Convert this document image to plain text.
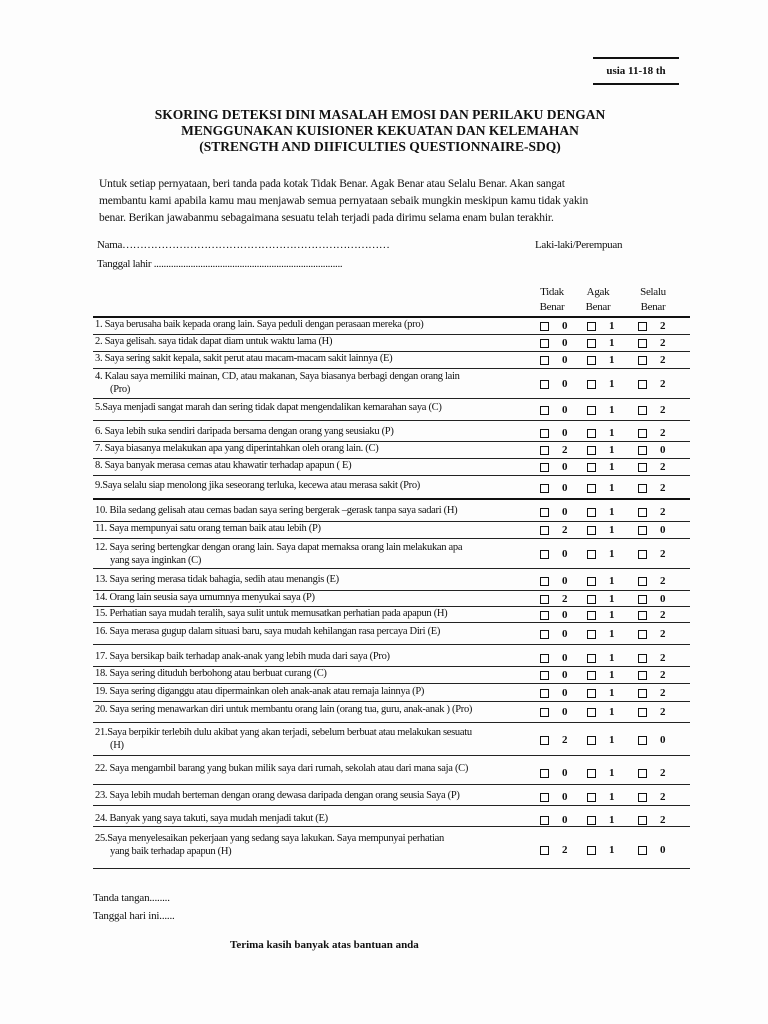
usia 11-18 th
SKORING DETEKSI DINI MASALAH EMOSI DAN PERILAKU DENGAN
MENGGUNAKAN KUISIONER KEKUATAN DAN KELEMAHAN
(STRENGTH AND DIIFICULTIES QUESTIONNAIRE-SDQ)
Untuk setiap pernyataan, beri tanda pada kotak Tidak Benar. Agak Benar atau Selalu Benar. Akan sangat
membantu kami apabila kamu mau menjawab semua pernyataan sebaik mungkin meskipun kamu tidak yakin
benar. Berikan jawabanmu sebagaimana sesuatu telah terjadi pada dirimu selama enam bulan terakhir.
Nama…………………………………………………………………	Laki-laki/Perempuan
Tanggal lahir .............................................................................
Tidak
Benar
Agak
Benar
Selalu
Benar
1. Saya berusaha baik kepada orang lain. Saya peduli dengan perasaan mereka (pro)	0	1	2
2. Saya gelisah. saya tidak dapat diam untuk waktu lama (H)	0	1	2
3. Saya sering sakit kepala, sakit perut atau macam-macam sakit lainnya (E)	0	1	2
4. Kalau saya memiliki mainan, CD, atau makanan, Saya biasanya berbagi dengan orang lain
(Pro)	0	1	2
5.Saya menjadi sangat marah dan sering tidak dapat mengendalikan kemarahan saya (C)	0	1	2
6. Saya lebih suka sendiri daripada bersama dengan orang yang seusiaku (P)	0	1	2
7. Saya biasanya melakukan apa yang diperintahkan oleh orang lain. (C)	2	1	0
8. Saya banyak merasa cemas atau khawatir terhadap apapun ( E)	0	1	2
9.Saya selalu siap menolong jika seseorang terluka, kecewa atau merasa sakit (Pro)	0	1	2
10. Bila sedang gelisah atau cemas badan saya sering bergerak –gerask tanpa saya sadari (H)	0	1	2
11. Saya mempunyai satu orang teman baik atau lebih (P)	2	1	0
12. Saya sering bertengkar dengan orang lain. Saya dapat memaksa orang lain melakukan apa
yang saya inginkan (C)
0	1	2
13. Saya sering merasa tidak bahagia, sedih atau menangis (E)	0	1	2
14. Orang lain seusia saya umumnya menyukai saya (P)	2	1	0
15. Perhatian saya mudah teralih, saya sulit untuk memusatkan perhatian pada apapun (H)	0	1	2
16. Saya merasa gugup dalam situasi baru, saya mudah kehilangan rasa percaya Diri (E)	0	1	2
17. Saya bersikap baik terhadap anak-anak yang lebih muda dari saya (Pro)	0	1	2
18. Saya sering dituduh berbohong atau berbuat curang (C)	0	1	2
19. Saya sering diganggu atau dipermainkan oleh anak-anak atau remaja lainnya (P)	0	1	2
20. Saya sering menawarkan diri untuk membantu orang lain (orang tua, guru, anak-anak ) (Pro)	0	1	2
21.Saya berpikir terlebih dulu akibat yang akan terjadi, sebelum berbuat atau melakukan sesuatu
(H)	2	1	0
22. Saya mengambil barang yang bukan milik saya dari rumah, sekolah atau dari mana saja (C)	0	1	2
23. Saya lebih mudah berteman dengan orang dewasa daripada dengan orang seusia Saya (P)	0	1	2
24. Banyak yang saya takuti, saya mudah menjadi takut (E)	0	1	2
25.Saya menyelesaikan pekerjaan yang sedang saya lakukan. Saya mempunyai perhatian
yang baik terhadap apapun (H)	2	1	0
Tanda tangan........
Tanggal hari ini......
Terima kasih banyak atas bantuan anda
